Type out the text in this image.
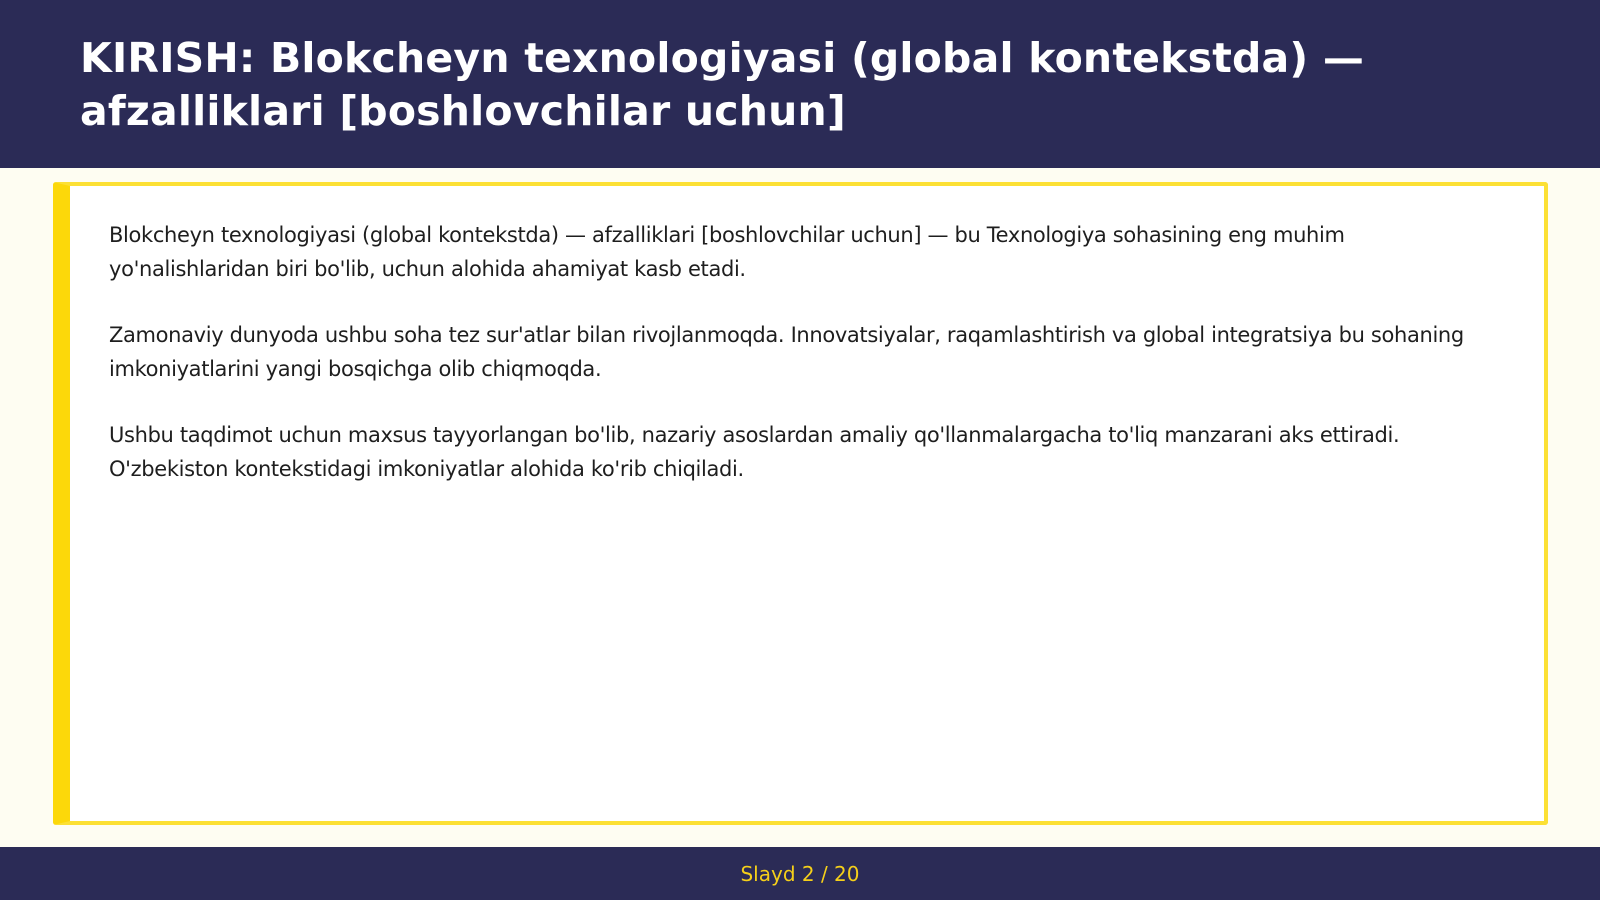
KIRISH: Blokcheyn texnologiyasi (global kontekstda) — afzalliklari [boshlovchilar uchun]

Blokcheyn texnologiyasi (global kontekstda) — afzalliklari [boshlovchilar uchun] — bu Texnologiya sohasining eng muhim yo'nalishlaridan biri bo'lib, uchun alohida ahamiyat kasb etadi.

Zamonaviy dunyoda ushbu soha tez sur'atlar bilan rivojlanmoqda. Innovatsiyalar, raqamlashtirish va global integratsiya bu sohaning imkoniyatlarini yangi bosqichga olib chiqmoqda.

Ushbu taqdimot uchun maxsus tayyorlangan bo'lib, nazariy asoslardan amaliy qo'llanmalargacha to'liq manzarani aks ettiradi. O'zbekiston kontekstidagi imkoniyatlar alohida ko'rib chiqiladi.

Slayd 2 / 20
